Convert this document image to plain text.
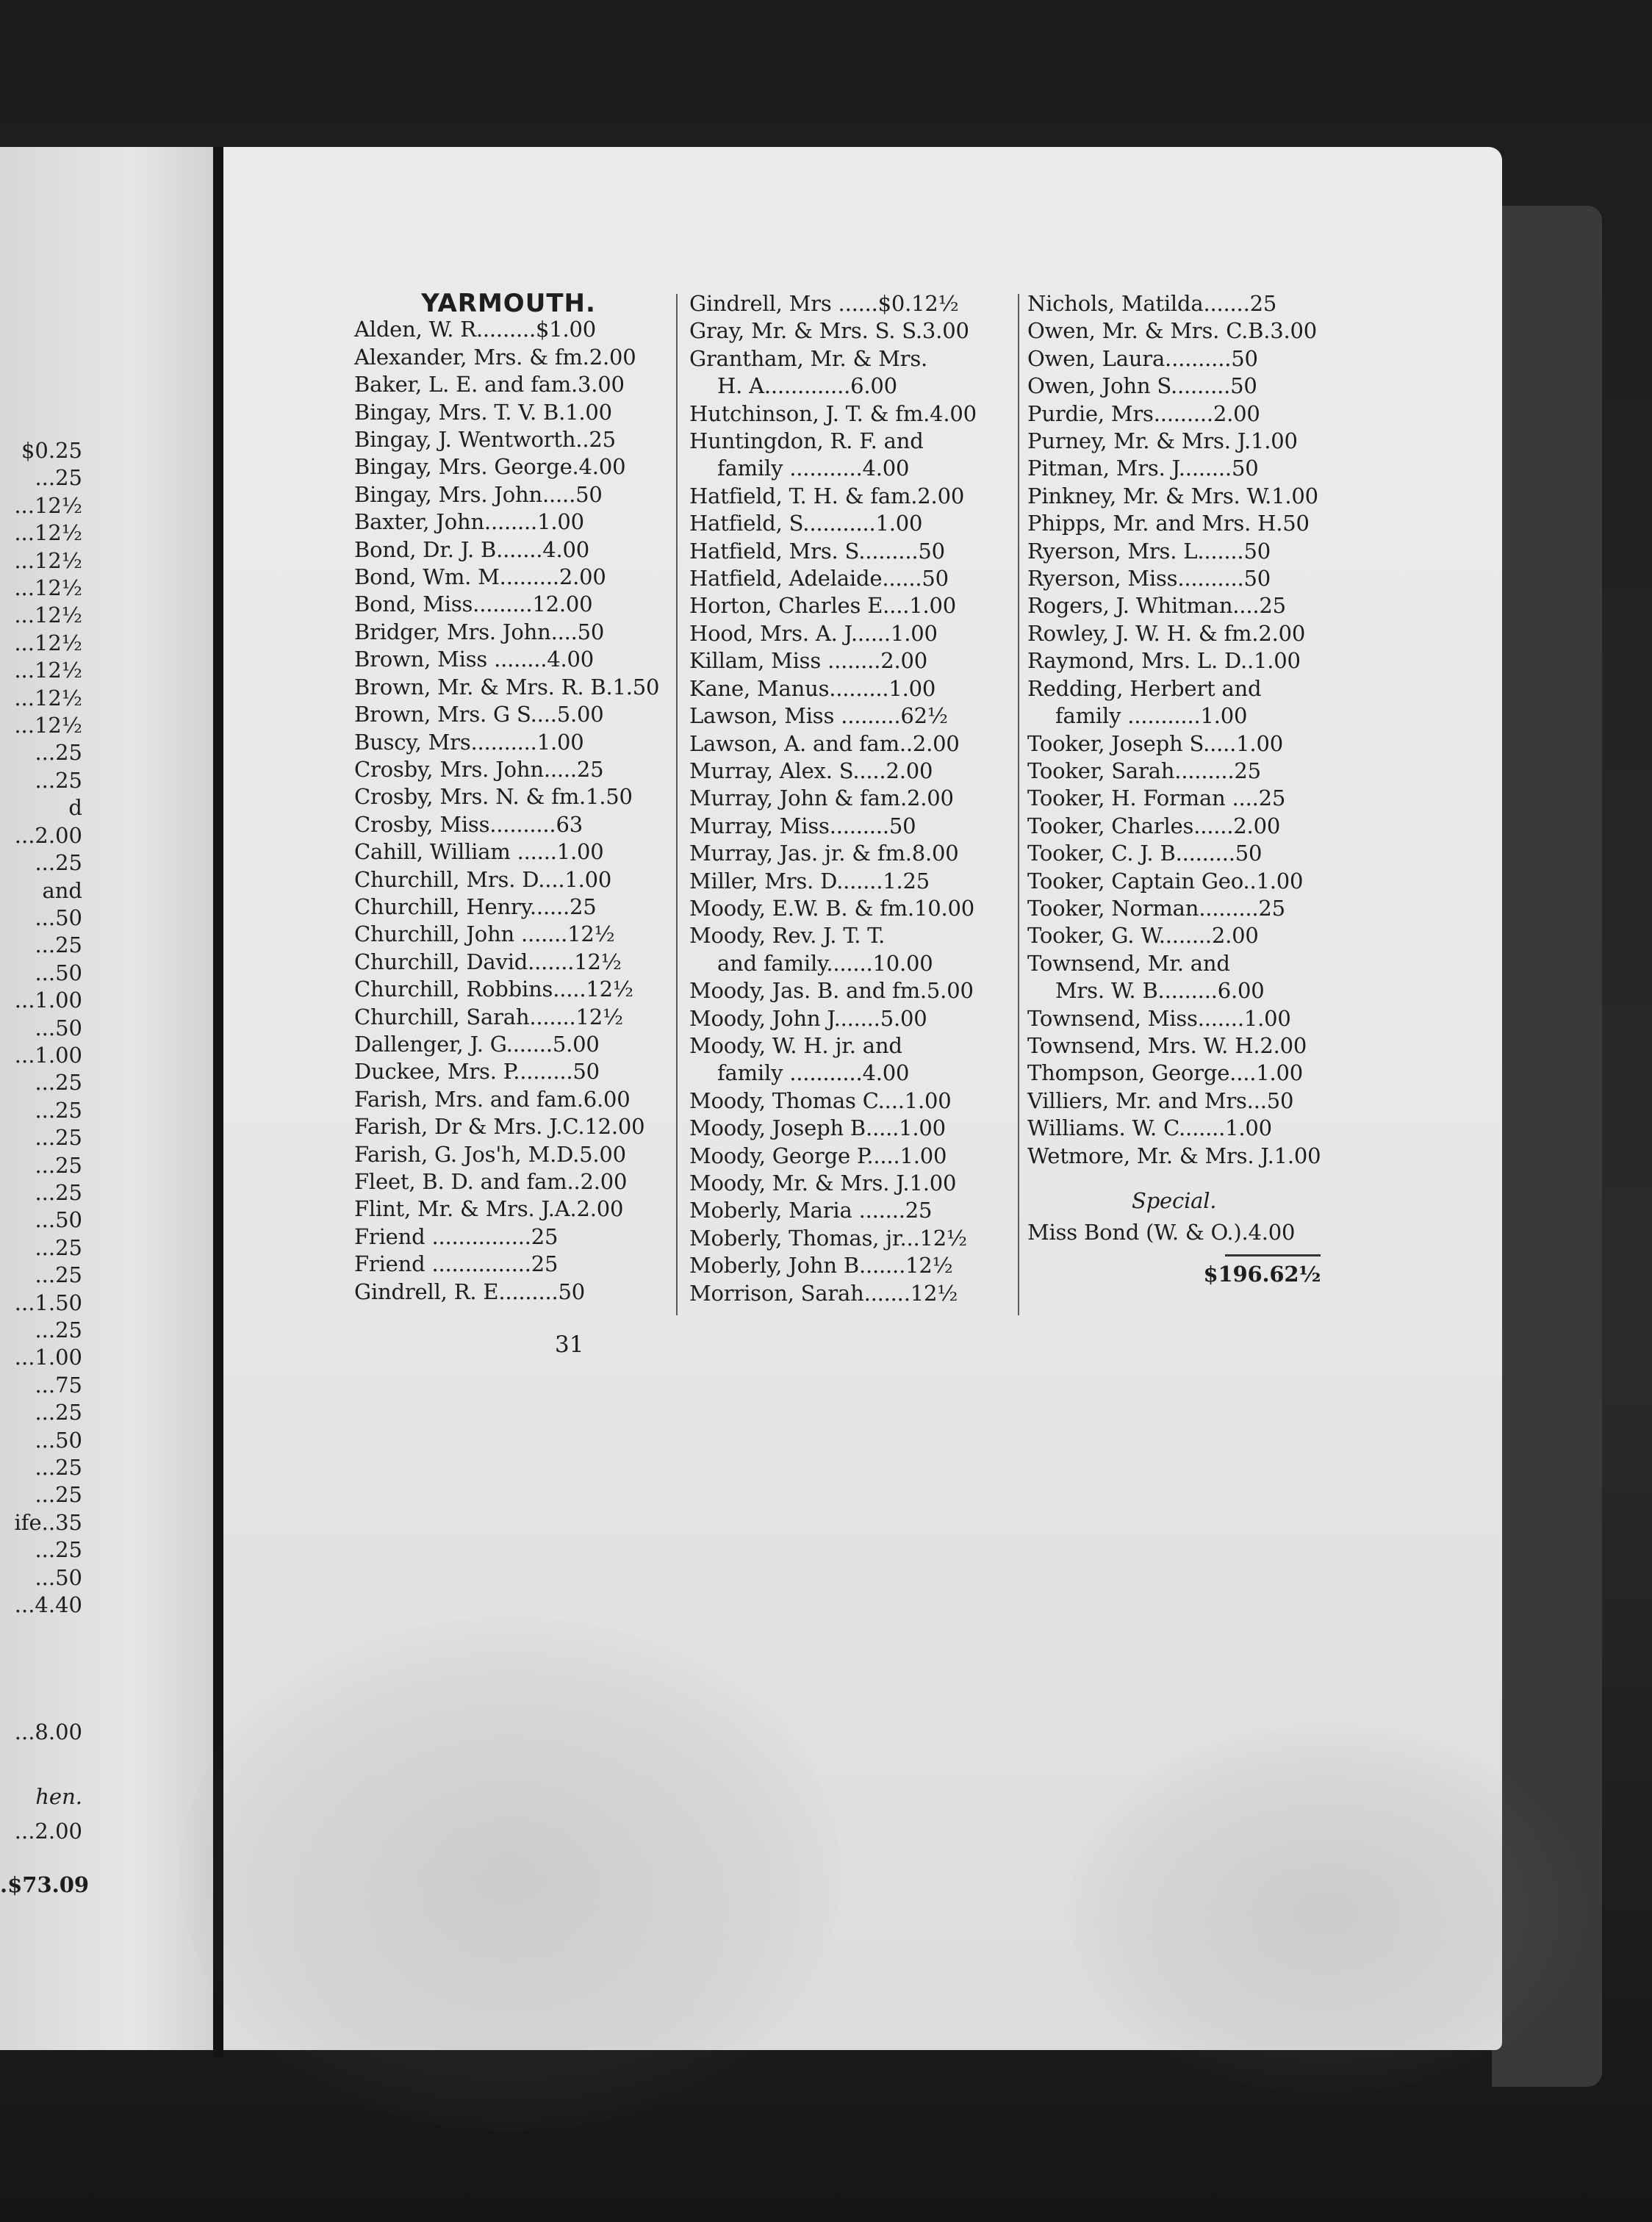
$0.25
...25
...12½
...12½
...12½
...12½
...12½
...12½
...12½
...12½
...12½
...25
...25
d
...2.00
...25
and
...50
...25
...50
...1.00
...50
...1.00
...25
...25
...25
...25
...25
...50
...25
...25
...1.50
...25
...1.00
...75
...25
...50
...25
...25
ife..35
...25
...50
...4.40
...8.00
hen.
...2.00
.$73.09
YARMOUTH.
Alden, W. R.........$1.00
Alexander, Mrs. & fm.2.00
Baker, L. E. and fam.3.00
Bingay, Mrs. T. V. B.1.00
Bingay, J. Wentworth..25
Bingay, Mrs. George.4.00
Bingay, Mrs. John.....50
Baxter, John........1.00
Bond, Dr. J. B.......4.00
Bond, Wm. M.........2.00
Bond, Miss.........12.00
Bridger, Mrs. John....50
Brown, Miss ........4.00
Brown, Mr. & Mrs. R. B.1.50
Brown, Mrs. G S....5.00
Buscy, Mrs..........1.00
Crosby, Mrs. John.....25
Crosby, Mrs. N. & fm.1.50
Crosby, Miss..........63
Cahill, William ......1.00
Churchill, Mrs. D....1.00
Churchill, Henry......25
Churchill, John .......12½
Churchill, David.......12½
Churchill, Robbins.....12½
Churchill, Sarah.......12½
Dallenger, J. G.......5.00
Duckee, Mrs. P.........50
Farish, Mrs. and fam.6.00
Farish, Dr & Mrs. J.C.12.00
Farish, G. Jos'h, M.D.5.00
Fleet, B. D. and fam..2.00
Flint, Mr. & Mrs. J.A.2.00
Friend ...............25
Friend ...............25
Gindrell, R. E.........50
Gindrell, Mrs ......$0.12½
Gray, Mr. & Mrs. S. S.3.00
Grantham, Mr. & Mrs.
H. A.............6.00
Hutchinson, J. T. & fm.4.00
Huntingdon, R. F. and
family ...........4.00
Hatfield, T. H. & fam.2.00
Hatfield, S...........1.00
Hatfield, Mrs. S.........50
Hatfield, Adelaide......50
Horton, Charles E....1.00
Hood, Mrs. A. J......1.00
Killam, Miss ........2.00
Kane, Manus.........1.00
Lawson, Miss .........62½
Lawson, A. and fam..2.00
Murray, Alex. S.....2.00
Murray, John & fam.2.00
Murray, Miss.........50
Murray, Jas. jr. & fm.8.00
Miller, Mrs. D.......1.25
Moody, E.W. B. & fm.10.00
Moody, Rev. J. T. T.
and family.......10.00
Moody, Jas. B. and fm.5.00
Moody, John J.......5.00
Moody, W. H. jr. and
family ...........4.00
Moody, Thomas C....1.00
Moody, Joseph B.....1.00
Moody, George P.....1.00
Moody, Mr. & Mrs. J.1.00
Moberly, Maria .......25
Moberly, Thomas, jr...12½
Moberly, John B.......12½
Morrison, Sarah.......12½
Nichols, Matilda.......25
Owen, Mr. & Mrs. C.B.3.00
Owen, Laura..........50
Owen, John S.........50
Purdie, Mrs.........2.00
Purney, Mr. & Mrs. J.1.00
Pitman, Mrs. J........50
Pinkney, Mr. & Mrs. W.1.00
Phipps, Mr. and Mrs. H.50
Ryerson, Mrs. L.......50
Ryerson, Miss..........50
Rogers, J. Whitman....25
Rowley, J. W. H. & fm.2.00
Raymond, Mrs. L. D..1.00
Redding, Herbert and
family ...........1.00
Tooker, Joseph S.....1.00
Tooker, Sarah.........25
Tooker, H. Forman ....25
Tooker, Charles......2.00
Tooker, C. J. B.........50
Tooker, Captain Geo..1.00
Tooker, Norman.........25
Tooker, G. W........2.00
Townsend, Mr. and
Mrs. W. B.........6.00
Townsend, Miss.......1.00
Townsend, Mrs. W. H.2.00
Thompson, George....1.00
Villiers, Mr. and Mrs...50
Williams. W. C.......1.00
Wetmore, Mr. & Mrs. J.1.00
Special.
Miss Bond (W. & O.).4.00
$196.62½
31
